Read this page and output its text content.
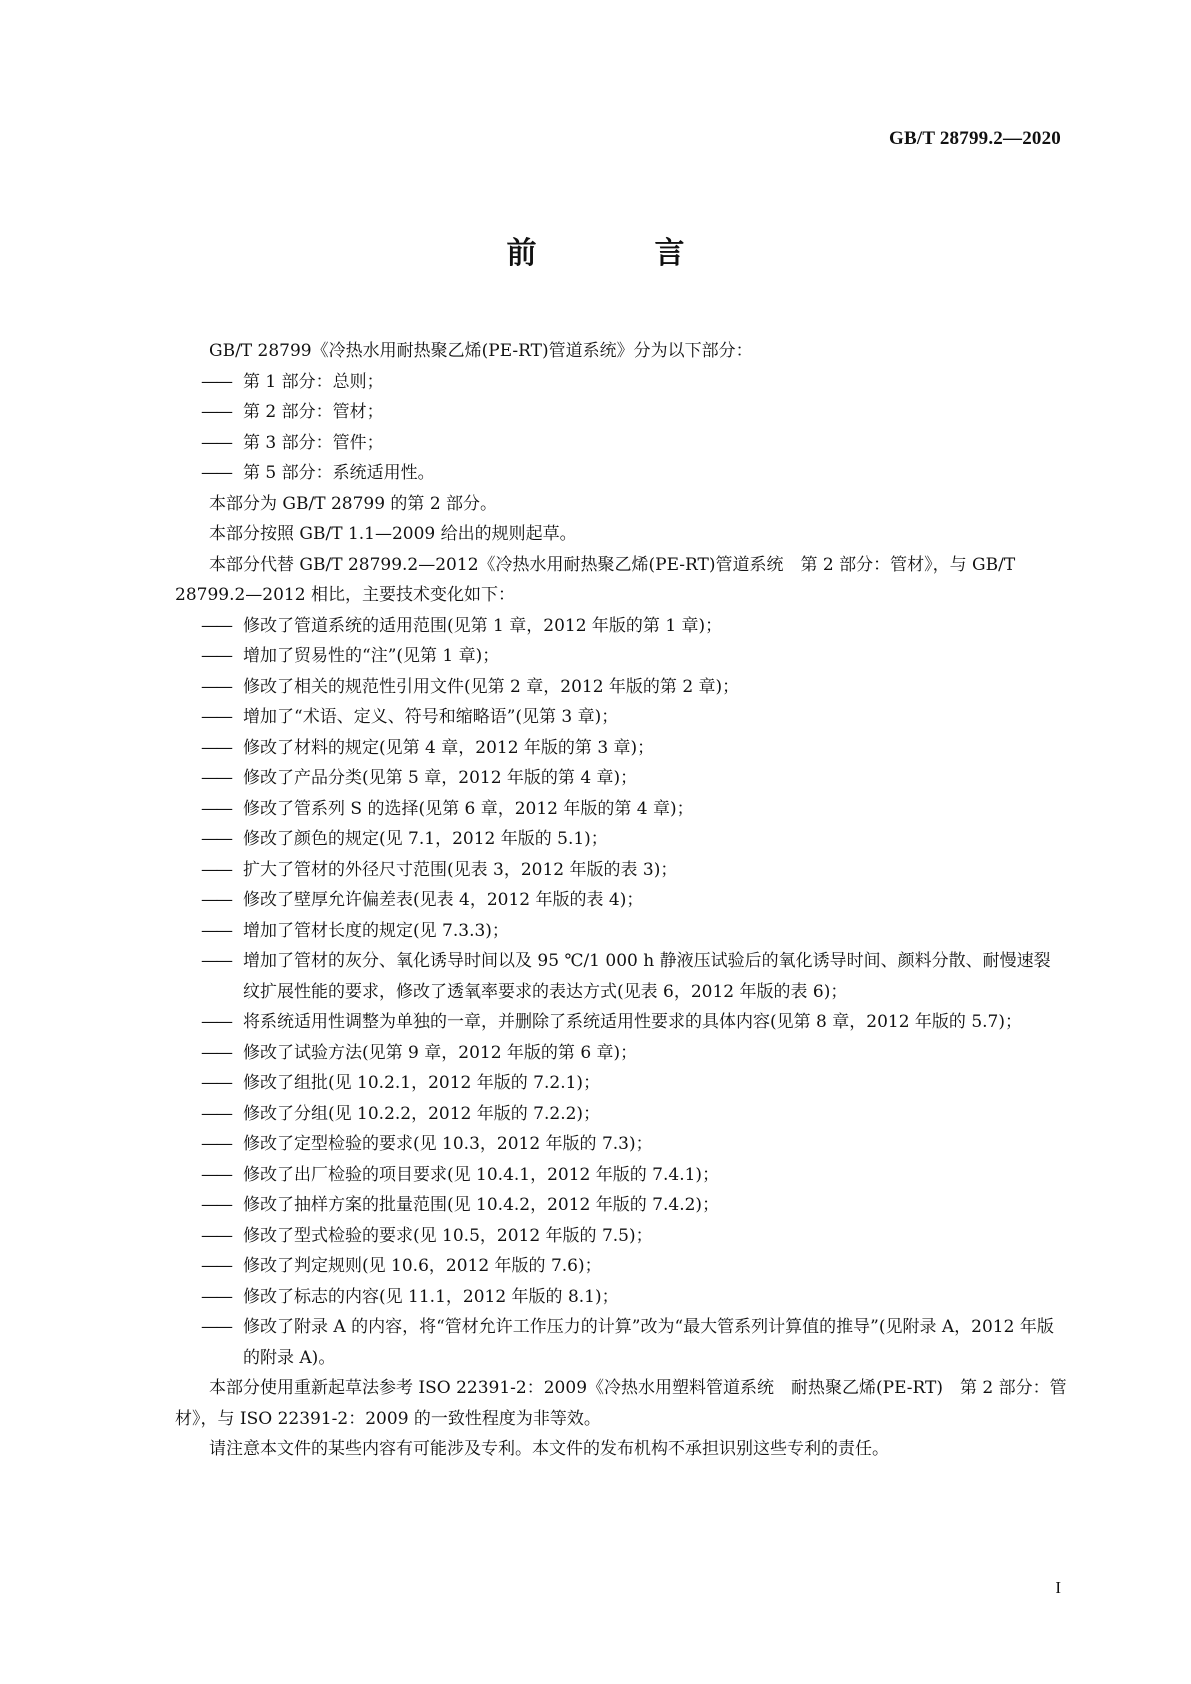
GB/T 28799.2—2020
前　言

GB/T 28799《冷热水用耐热聚乙烯(PE-RT)管道系统》分为以下部分：

—— 第 1 部分：总则；

—— 第 2 部分：管材；

—— 第 3 部分：管件；

—— 第 5 部分：系统适用性。

本部分为 GB/T 28799 的第 2 部分。

本部分按照 GB/T 1.1—2009 给出的规则起草。

本部分代替 GB/T 28799.2—2012《冷热水用耐热聚乙烯(PE-RT)管道系统　第 2 部分：管材》，与 GB/T 28799.2—2012 相比，主要技术变化如下：

—— 修改了管道系统的适用范围(见第 1 章，2012 年版的第 1 章)；

—— 增加了贸易性的“注”(见第 1 章)；

—— 修改了相关的规范性引用文件(见第 2 章，2012 年版的第 2 章)；

—— 增加了“术语、定义、符号和缩略语”(见第 3 章)；

—— 修改了材料的规定(见第 4 章，2012 年版的第 3 章)；

—— 修改了产品分类(见第 5 章，2012 年版的第 4 章)；

—— 修改了管系列 S 的选择(见第 6 章，2012 年版的第 4 章)；

—— 修改了颜色的规定(见 7.1，2012 年版的 5.1)；

—— 扩大了管材的外径尺寸范围(见表 3，2012 年版的表 3)；

—— 修改了壁厚允许偏差表(见表 4，2012 年版的表 4)；

—— 增加了管材长度的规定(见 7.3.3)；

—— 增加了管材的灰分、氧化诱导时间以及 95 ℃/1 000 h 静液压试验后的氧化诱导时间、颜料分散、耐慢速裂纹扩展性能的要求，修改了透氧率要求的表达方式(见表 6，2012 年版的表 6)；

—— 将系统适用性调整为单独的一章，并删除了系统适用性要求的具体内容(见第 8 章，2012 年版的 5.7)；

—— 修改了试验方法(见第 9 章，2012 年版的第 6 章)；

—— 修改了组批(见 10.2.1，2012 年版的 7.2.1)；

—— 修改了分组(见 10.2.2，2012 年版的 7.2.2)；

—— 修改了定型检验的要求(见 10.3，2012 年版的 7.3)；

—— 修改了出厂检验的项目要求(见 10.4.1，2012 年版的 7.4.1)；

—— 修改了抽样方案的批量范围(见 10.4.2，2012 年版的 7.4.2)；

—— 修改了型式检验的要求(见 10.5，2012 年版的 7.5)；

—— 修改了判定规则(见 10.6，2012 年版的 7.6)；

—— 修改了标志的内容(见 11.1，2012 年版的 8.1)；

—— 修改了附录 A 的内容，将“管材允许工作压力的计算”改为“最大管系列计算值的推导”(见附录 A，2012 年版的附录 A)。

本部分使用重新起草法参考 ISO 22391-2：2009《冷热水用塑料管道系统　耐热聚乙烯(PE-RT)　第 2 部分：管材》，与 ISO 22391-2：2009 的一致性程度为非等效。

请注意本文件的某些内容有可能涉及专利。本文件的发布机构不承担识别这些专利的责任。

I
